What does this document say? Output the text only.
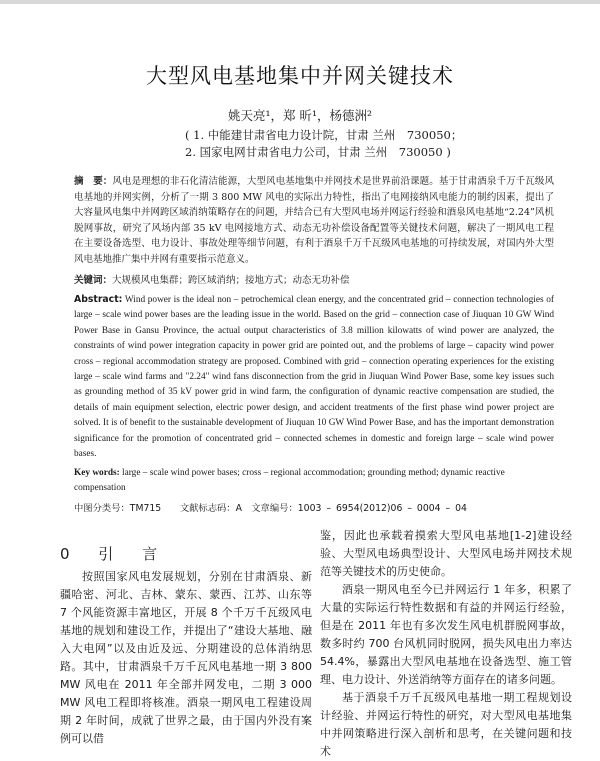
大型风电基地集中并网关键技术
姚天亮¹，郑 昕¹，杨德洲²
( 1. 中能建甘肃省电力设计院，甘肃 兰州　730050；
2. 国家电网甘肃省电力公司，甘肃 兰州　730050 )
摘　要：风电是理想的非石化清洁能源，大型风电基地集中并网技术是世界前沿课题。基于甘肃酒泉千万千瓦级风电基地的并网实例，分析了一期 3 800 MW 风电的实际出力特性，指出了电网接纳风电能力的制约因素，提出了大容量风电集中并网跨区域消纳策略存在的问题，并结合已有大型风电场并网运行经验和酒泉风电基地“2.24”风机脱网事故，研究了风场内部 35 kV 电网接地方式、动态无功补偿设备配置等关键技术问题，解决了一期风电工程在主要设备选型、电力设计、事故处理等细节问题，有利于酒泉千万千瓦级风电基地的可持续发展，对国内外大型风电基地推广集中并网有重要指示范意义。
关键词：大规模风电集群；跨区域消纳；接地方式；动态无功补偿
Abstract: Wind power is the ideal non – petrochemical clean energy, and the concentrated grid – connection technologies of large – scale wind power bases are the leading issue in the world. Based on the grid – connection case of Jiuquan 10 GW Wind Power Base in Gansu Province, the actual output characteristics of 3.8 million kilowatts of wind power are analyzed, the constraints of wind power integration capacity in power grid are pointed out, and the problems of large – capacity wind power cross – regional accommodation strategy are proposed. Combined with grid – connection operating experiences for the existing large – scale wind farms and "2.24" wind fans disconnection from the grid in Jiuquan Wind Power Base, some key issues such as grounding method of 35 kV power grid in wind farm, the configuration of dynamic reactive compensation are studied, the details of main equipment selection, electric power design, and accident treatments of the first phase wind power project are solved. It is of benefit to the sustainable development of Jiuquan 10 GW Wind Power Base, and has the important demonstration significance for the promotion of concentrated grid – connected schemes in domestic and foreign large – scale wind power bases.
Key words: large – scale wind power bases; cross – regional accommodation; grounding method; dynamic reactive compensation
中图分类号：TM715　　文献标志码：A　文章编号：1003 – 6954(2012)06 – 0004 – 04
0 引 言

按照国家风电发展规划，分别在甘肃酒泉、新疆哈密、河北、吉林、蒙东、蒙西、江苏、山东等 7 个风能资源丰富地区，开展 8 个千万千瓦级风电基地的规划和建设工作，并提出了“建设大基地、融入大电网”以及由近及远、分期建设的总体消纳思路。其中，甘肃酒泉千万千瓦风电基地一期 3 800 MW 风电在 2011 年全部并网发电，二期 3 000 MW 风电工程即将核准。酒泉一期风电工程建设周期 2 年时间，成就了世界之最，由于国内外没有案例可以借

鉴，因此也承载着摸索大型风电基地[1-2]建设经验、大型风电场典型设计、大型风电场并网技术规范等关键技术的历史使命。

酒泉一期风电至今已并网运行 1 年多，积累了大量的实际运行特性数据和有益的并网运行经验，但是在 2011 年也有多次发生风电机群脱网事故，数多时约 700 台风机同时脱网，损失风电出力率达 54.4%，暴露出大型风电基地在设备选型、施工管理、电力设计、外送消纳等方面存在的诸多问题。

基于酒泉千万千瓦级风电基地一期工程规划设计经验、并网运行特性的研究，对大型风电基地集中并网策略进行深入剖析和思考，在关键问题和技术
